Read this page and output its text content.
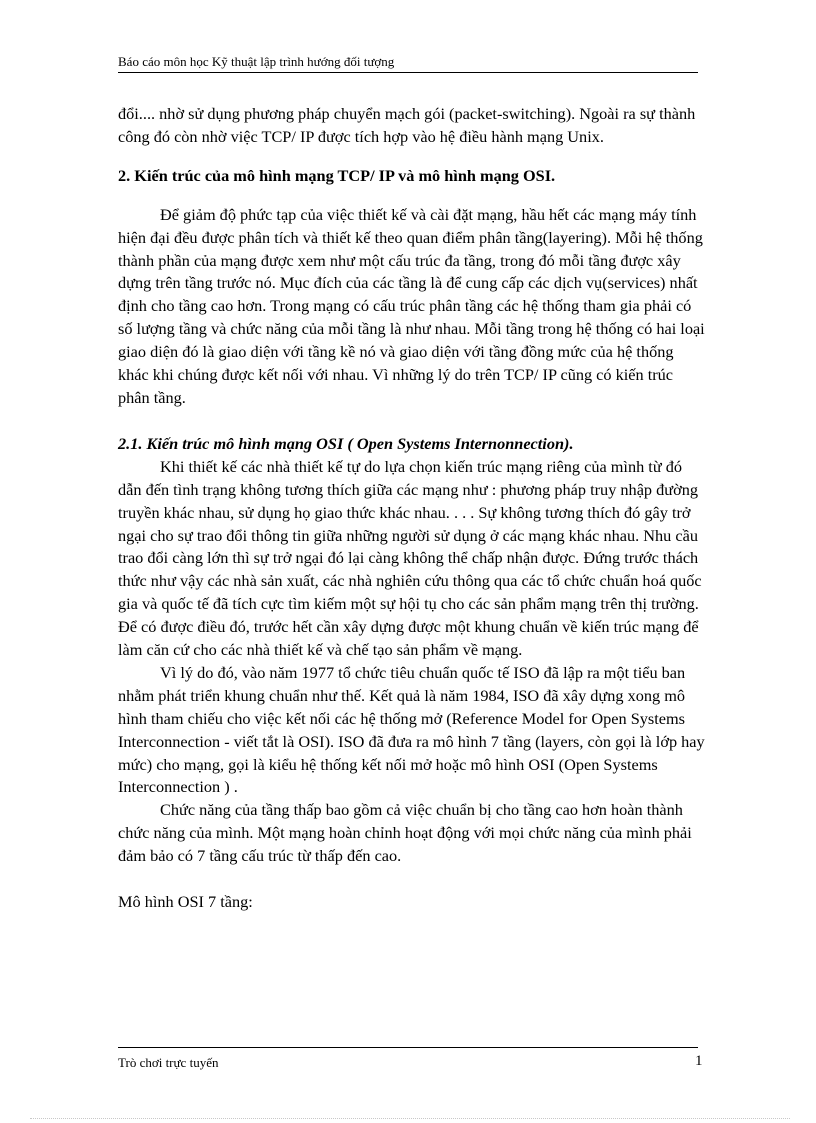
Báo cáo môn học Kỹ thuật lập trình hướng đối tượng

đổi.... nhờ sử dụng phương pháp chuyển mạch gói (packet-switching). Ngoài ra sự thành công đó còn nhờ việc TCP/ IP được tích hợp vào hệ điều hành mạng Unix.

2. Kiến trúc của mô hình mạng TCP/ IP và mô hình mạng OSI.

Để giảm độ phức tạp của việc thiết kế và cài đặt mạng, hầu hết các mạng máy tính hiện đại đều được phân tích và thiết kế theo quan điểm phân tầng(layering). Mỗi hệ thống thành phần của mạng được xem như một cấu trúc đa tầng, trong đó mỗi tầng được xây dựng trên tầng trước nó. Mục đích của các tầng là để cung cấp các dịch vụ(services) nhất định cho tầng cao hơn. Trong mạng có cấu trúc phân tầng các hệ thống tham gia phải có số lượng tầng và chức năng của mỗi tầng là như nhau. Mỗi tầng trong hệ thống có hai loại giao diện đó là giao diện với tầng kề nó và giao diện với tầng đồng mức của hệ thống khác khi chúng được kết nối với nhau. Vì những lý do trên TCP/ IP cũng có kiến trúc phân tầng.

2.1. Kiến trúc mô hình mạng OSI ( Open Systems Internonnection).

Khi thiết kế các nhà thiết kế tự do lựa chọn kiến trúc mạng riêng của mình từ đó dẫn đến tình trạng không tương thích giữa các mạng như : phương pháp truy nhập đường truyền khác nhau, sử dụng họ giao thức khác nhau. . . . Sự không tương thích đó gây trở ngại cho sự trao đổi thông tin giữa những người sử dụng ở các mạng khác nhau. Nhu cầu trao đổi càng lớn thì sự trở ngại đó lại càng không thể chấp nhận được. Đứng trước thách thức như vậy các nhà sản xuất, các nhà nghiên cứu thông qua các tổ chức chuẩn hoá quốc gia và quốc tế đã tích cực tìm kiếm một sự hội tụ cho các sản phẩm mạng trên thị trường. Để có được điều đó, trước hết cần xây dựng được một khung chuẩn về kiến trúc mạng để làm căn cứ cho các nhà thiết kế và chế tạo sản phẩm về mạng.

Vì lý do đó, vào năm 1977 tổ chức tiêu chuẩn quốc tế ISO đã lập ra một tiểu ban nhằm phát triển khung chuẩn như thế. Kết quả là năm 1984, ISO đã xây dựng xong mô hình tham chiếu cho việc kết nối các hệ thống mở (Reference Model for Open Systems Interconnection - viết tắt là OSI). ISO đã đưa ra mô hình 7 tầng (layers, còn gọi là lớp hay mức) cho mạng, gọi là kiểu hệ thống kết nối mở hoặc mô hình OSI (Open Systems Interconnection ) .

Chức năng của tầng thấp bao gồm cả việc chuẩn bị cho tầng cao hơn hoàn thành chức năng của mình. Một mạng hoàn chỉnh hoạt động với mọi chức năng của mình phải đảm bảo có 7 tầng cấu trúc từ thấp đến cao.

Mô hình OSI 7 tầng:

Trò chơi trực tuyến	1
